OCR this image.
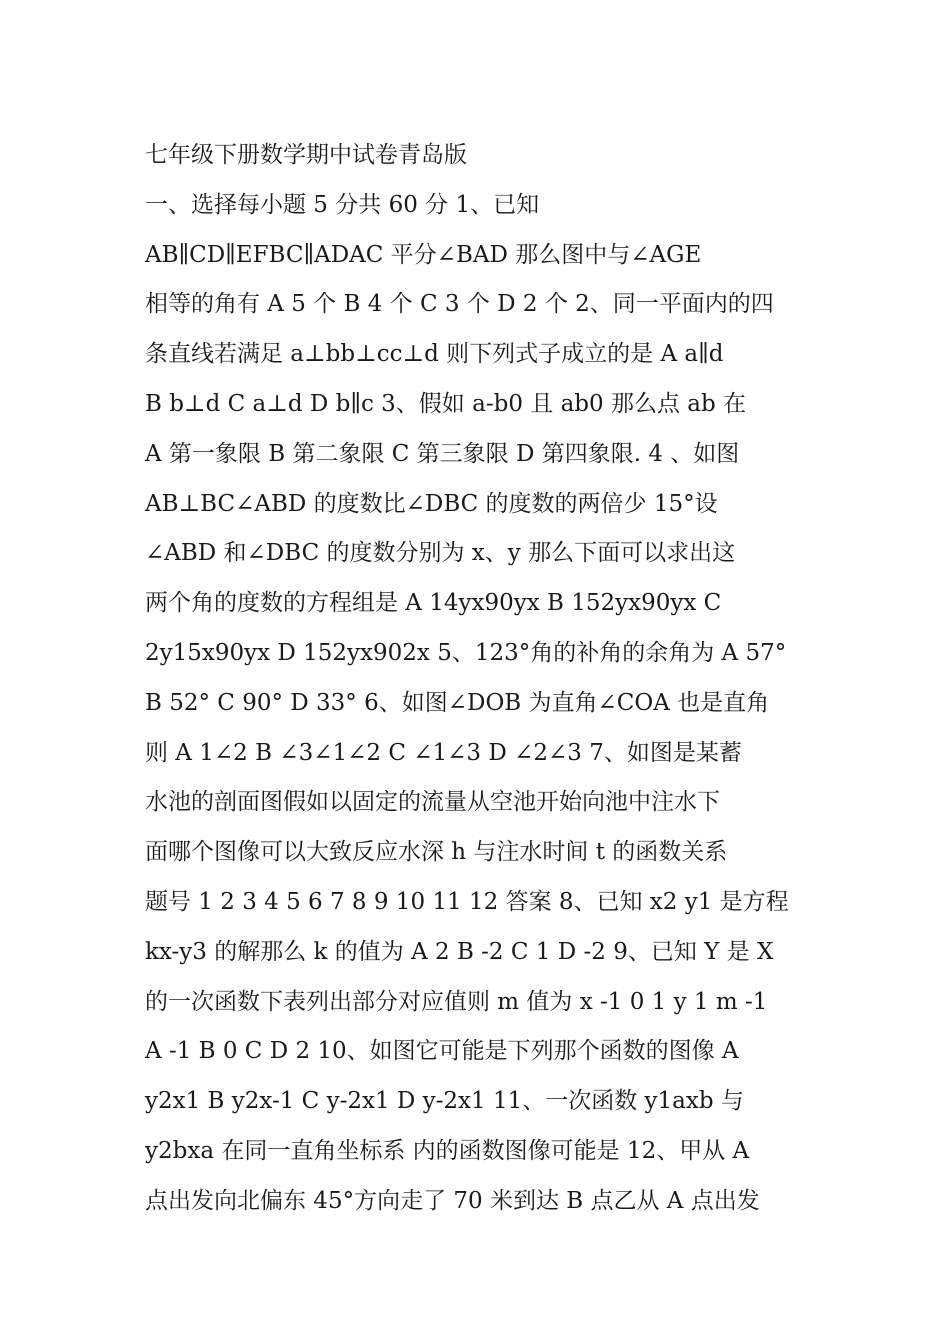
七年级下册数学期中试卷青岛版
一、选择每小题 5 分共 60 分 1、已知
AB∥CD∥EFBC∥ADAC 平分∠BAD 那么图中与∠AGE
相等的角有 A 5 个 B 4 个 C 3 个 D 2 个 2、同一平面内的四
条直线若满足 a⊥bb⊥cc⊥d 则下列式子成立的是 A a∥d
B b⊥d C a⊥d D b∥c 3、假如 a-b0 且 ab0 那么点 ab 在
A 第一象限 B 第二象限 C 第三象限 D 第四象限. 4 、如图
AB⊥BC∠ABD 的度数比∠DBC 的度数的两倍少 15°设
∠ABD 和∠DBC 的度数分别为 x、y 那么下面可以求出这
两个角的度数的方程组是 A 14yx90yx B 152yx90yx C
2y15x90yx D 152yx902x 5、123°角的补角的余角为 A 57°
B 52° C 90° D 33° 6、如图∠DOB 为直角∠COA 也是直角
则 A 1∠2 B ∠3∠1∠2 C ∠1∠3 D ∠2∠3 7、如图是某蓄
水池的剖面图假如以固定的流量从空池开始向池中注水下
面哪个图像可以大致反应水深 h 与注水时间 t 的函数关系
题号 1 2 3 4 5 6 7 8 9 10 11 12 答案 8、已知 x2 y1 是方程
kx-y3 的解那么 k 的值为 A 2 B -2 C 1 D -2 9、已知 Y 是 X
的一次函数下表列出部分对应值则 m 值为 x -1 0 1 y 1 m -1
A -1 B 0 C D 2 10、如图它可能是下列那个函数的图像 A
y2x1 B y2x-1 C y-2x1 D y-2x1 11、一次函数 y1axb 与
y2bxa 在同一直角坐标系 内的函数图像可能是 12、甲从 A
点出发向北偏东 45°方向走了 70 米到达 B 点乙从 A 点出发
